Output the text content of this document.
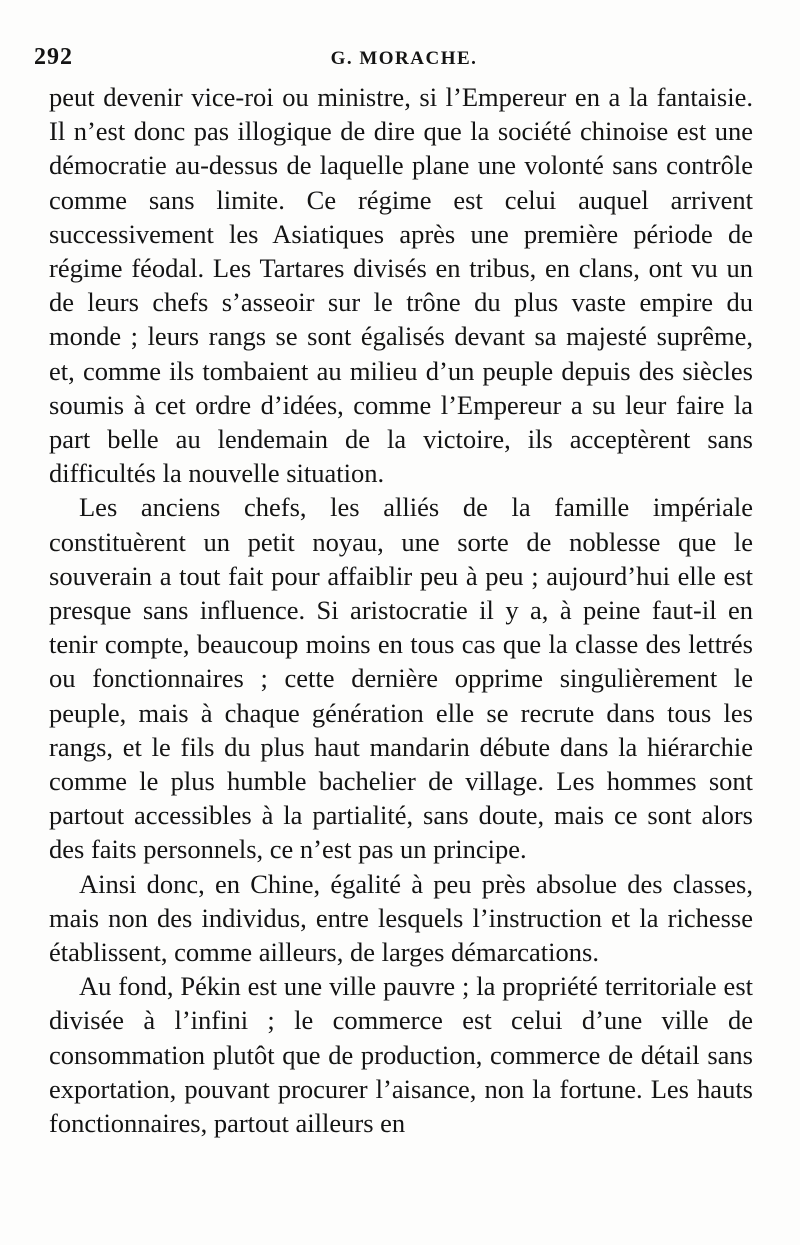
292	G. MORACHE.

peut devenir vice-roi ou ministre, si l’Empereur en a la fantaisie. Il n’est donc pas illogique de dire que la société chinoise est une démocratie au-dessus de laquelle plane une volonté sans contrôle comme sans limite. Ce régime est celui auquel arrivent successivement les Asiatiques après une première période de régime féodal. Les Tartares divisés en tribus, en clans, ont vu un de leurs chefs s’asseoir sur le trône du plus vaste empire du monde ; leurs rangs se sont égalisés devant sa majesté suprême, et, comme ils tombaient au milieu d’un peuple depuis des siècles soumis à cet ordre d’idées, comme l’Empereur a su leur faire la part belle au lendemain de la victoire, ils acceptèrent sans difficultés la nouvelle situation.

Les anciens chefs, les alliés de la famille impériale constituèrent un petit noyau, une sorte de noblesse que le souverain a tout fait pour affaiblir peu à peu ; aujourd’hui elle est presque sans influence. Si aristocratie il y a, à peine faut-il en tenir compte, beaucoup moins en tous cas que la classe des lettrés ou fonctionnaires ; cette dernière opprime singulièrement le peuple, mais à chaque génération elle se recrute dans tous les rangs, et le fils du plus haut mandarin débute dans la hiérarchie comme le plus humble bachelier de village. Les hommes sont partout accessibles à la partialité, sans doute, mais ce sont alors des faits personnels, ce n’est pas un principe.

Ainsi donc, en Chine, égalité à peu près absolue des classes, mais non des individus, entre lesquels l’instruction et la richesse établissent, comme ailleurs, de larges démarcations.

Au fond, Pékin est une ville pauvre ; la propriété territoriale est divisée à l’infini ; le commerce est celui d’une ville de consommation plutôt que de production, commerce de détail sans exportation, pouvant procurer l’aisance, non la fortune. Les hauts fonctionnaires, partout ailleurs en
